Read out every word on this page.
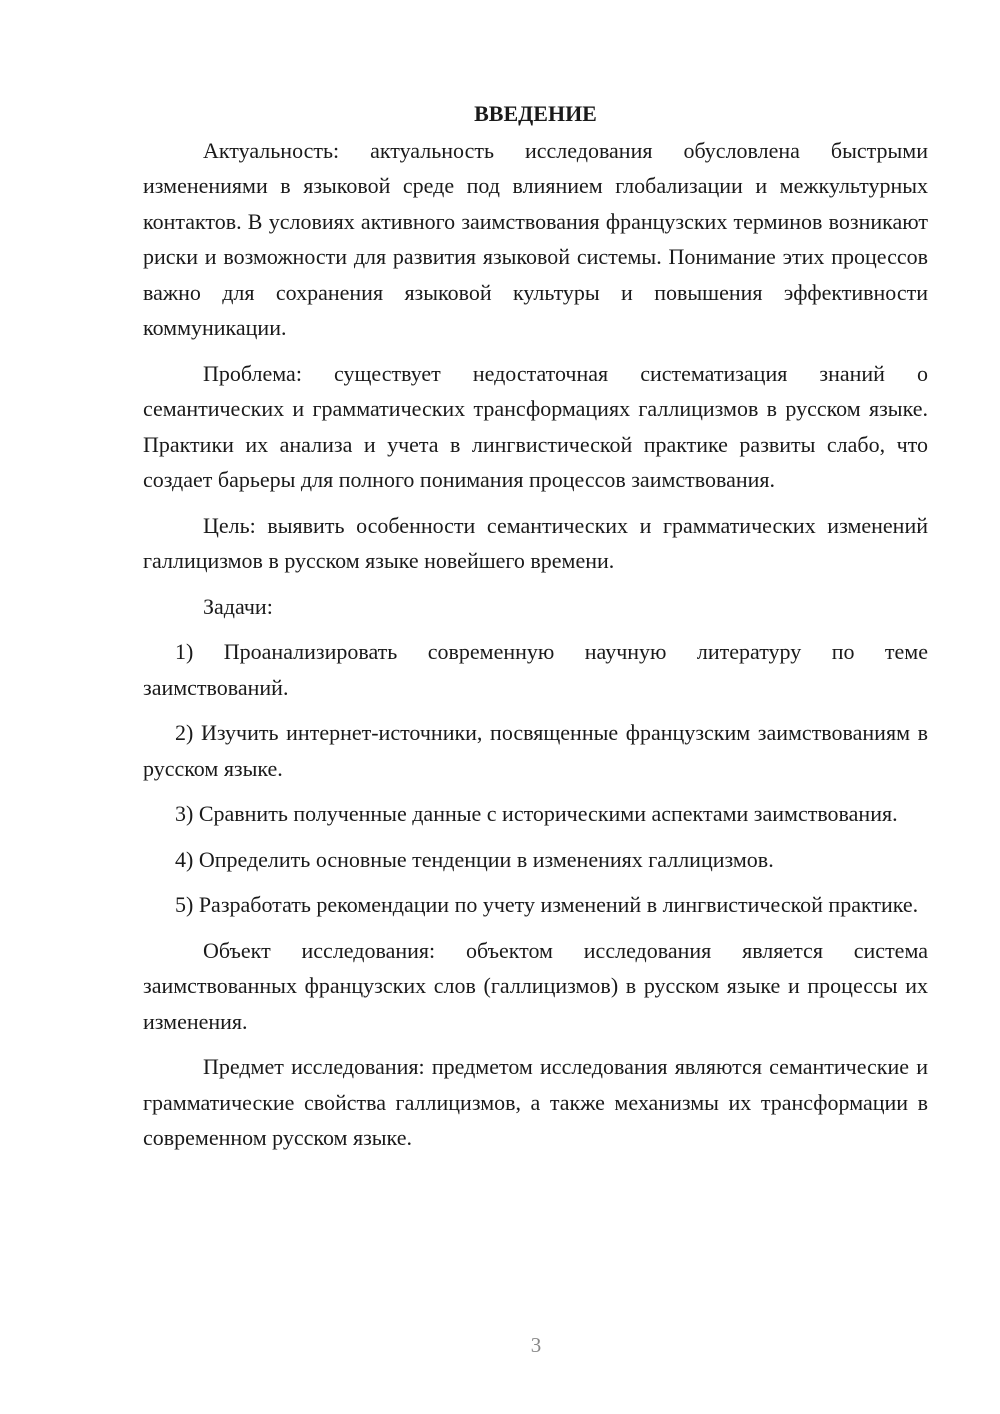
ВВЕДЕНИЕ

Актуальность: актуальность исследования обусловлена быстрыми изменениями в языковой среде под влиянием глобализации и межкультурных контактов. В условиях активного заимствования французских терминов возникают риски и возможности для развития языковой системы. Понимание этих процессов важно для сохранения языковой культуры и повышения эффективности коммуникации.

Проблема: существует недостаточная систематизация знаний о семантических и грамматических трансформациях галлицизмов в русском языке. Практики их анализа и учета в лингвистической практике развиты слабо, что создает барьеры для полного понимания процессов заимствования.

Цель: выявить особенности семантических и грамматических изменений галлицизмов в русском языке новейшего времени.

Задачи:

1) Проанализировать современную научную литературу по теме заимствований.

2) Изучить интернет-источники, посвященные французским заимствованиям в русском языке.

3) Сравнить полученные данные с историческими аспектами заимствования.

4) Определить основные тенденции в изменениях галлицизмов.

5) Разработать рекомендации по учету изменений в лингвистической практике.

Объект исследования: объектом исследования является система заимствованных французских слов (галлицизмов) в русском языке и процессы их изменения.

Предмет исследования: предметом исследования являются семантические и грамматические свойства галлицизмов, а также механизмы их трансформации в современном русском языке.

3
